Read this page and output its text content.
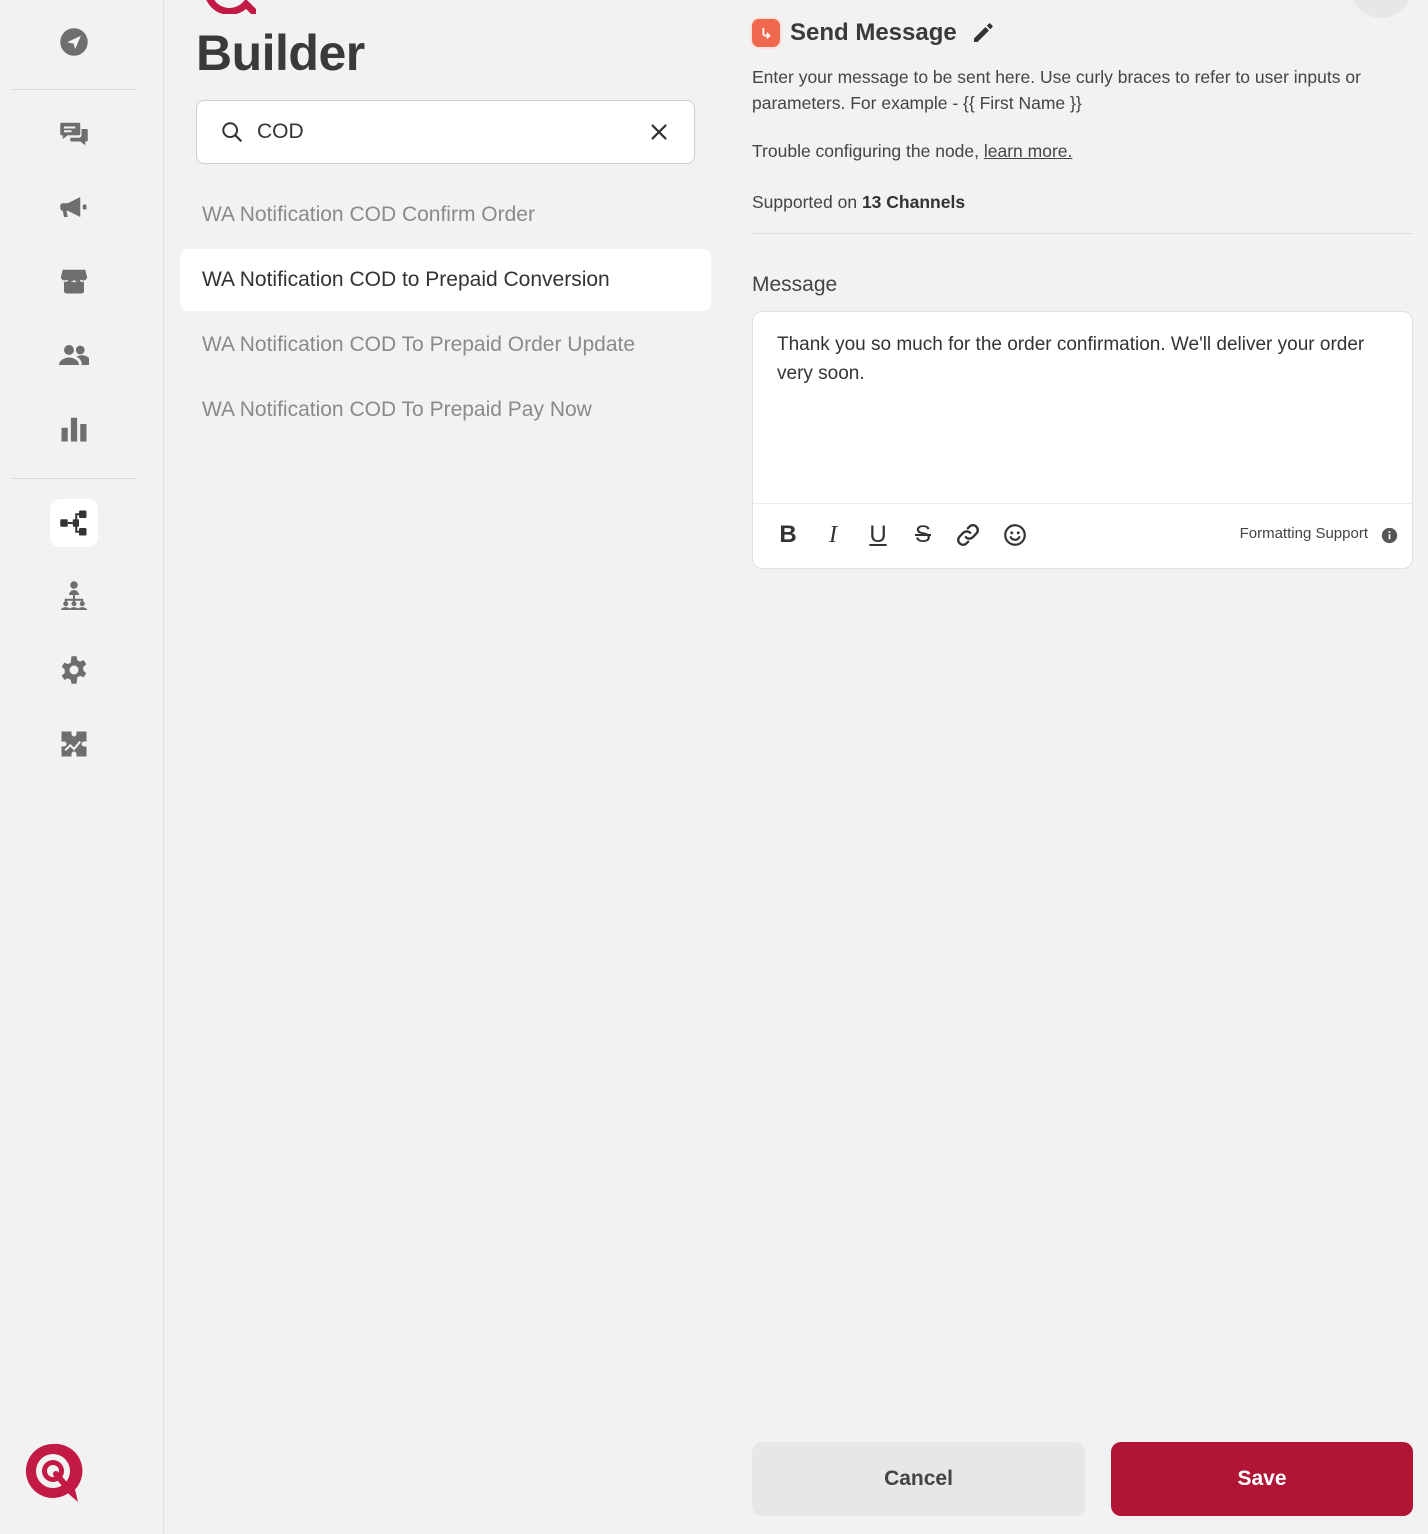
Builder
COD
WA Notification COD Confirm Order
WA Notification COD to Prepaid Conversion
WA Notification COD To Prepaid Order Update
WA Notification COD To Prepaid Pay Now
Send Message
Enter your message to be sent here. Use curly braces to refer to user inputs or parameters. For example - {{ First Name }}
Trouble configuring the node, learn more.
Supported on 13 Channels
Message
Thank you so much for the order confirmation. We'll deliver your order very soon.
B	I	U S	Formatting Support
Cancel	Save
